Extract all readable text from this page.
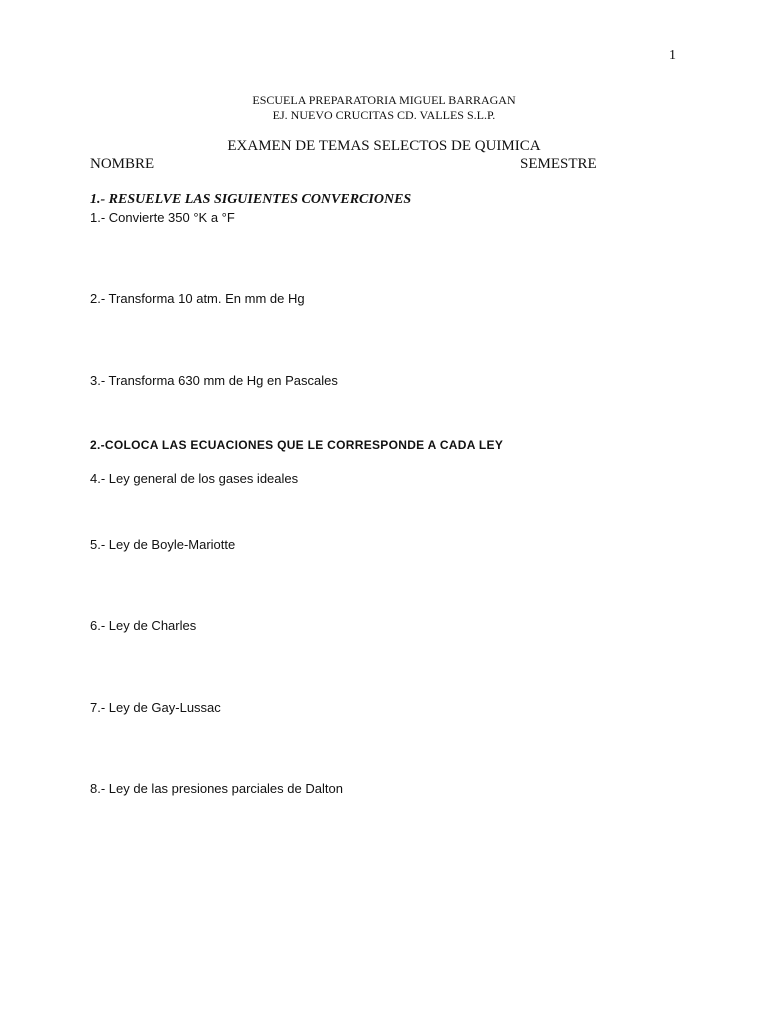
1
ESCUELA PREPARATORIA MIGUEL BARRAGAN
EJ. NUEVO CRUCITAS CD. VALLES S.L.P.
EXAMEN DE TEMAS SELECTOS DE QUIMICA
NOMBRE	SEMESTRE
1.- RESUELVE LAS SIGUIENTES CONVERCIONES
1.- Convierte 350 °K a °F
2.- Transforma 10 atm. En mm de Hg
3.- Transforma 630 mm de Hg en Pascales
2.-COLOCA LAS ECUACIONES QUE LE CORRESPONDE A CADA LEY
4.- Ley general de los gases ideales
5.- Ley de Boyle-Mariotte
6.- Ley de Charles
7.- Ley de Gay-Lussac
8.- Ley de las presiones parciales de Dalton
